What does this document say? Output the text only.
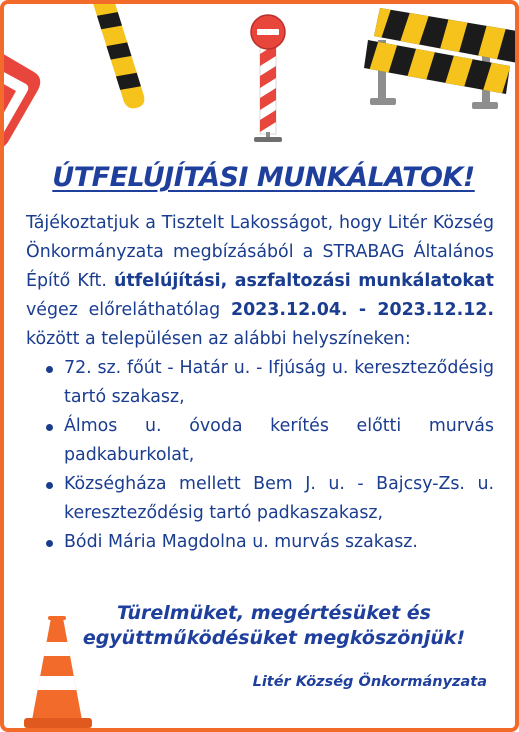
ÚTFELÚJÍTÁSI MUNKÁLATOK!

Tájékoztatjuk a Tisztelt Lakosságot, hogy Litér Község Önkormányzata megbízásából a STRABAG Általános Építő Kft. útfelújítási, aszfaltozási munkálatokat végez előreláthatólag 2023.12.04. - 2023.12.12. között a településen az alábbi helyszíneken:

72. sz. főút - Határ u. - Ifjúság u. kereszteződésig tartó szakasz,
Álmos u. óvoda kerítés előtti murvás padkaburkolat,
Községháza mellett Bem J. u. - Bajcsy-Zs. u. kereszteződésig tartó padkaszakasz,
Bódi Mária Magdolna u. murvás szakasz.
Türelmüket, megértésüket és
együttműködésüket megköszönjük!
Litér Község Önkormányzata
